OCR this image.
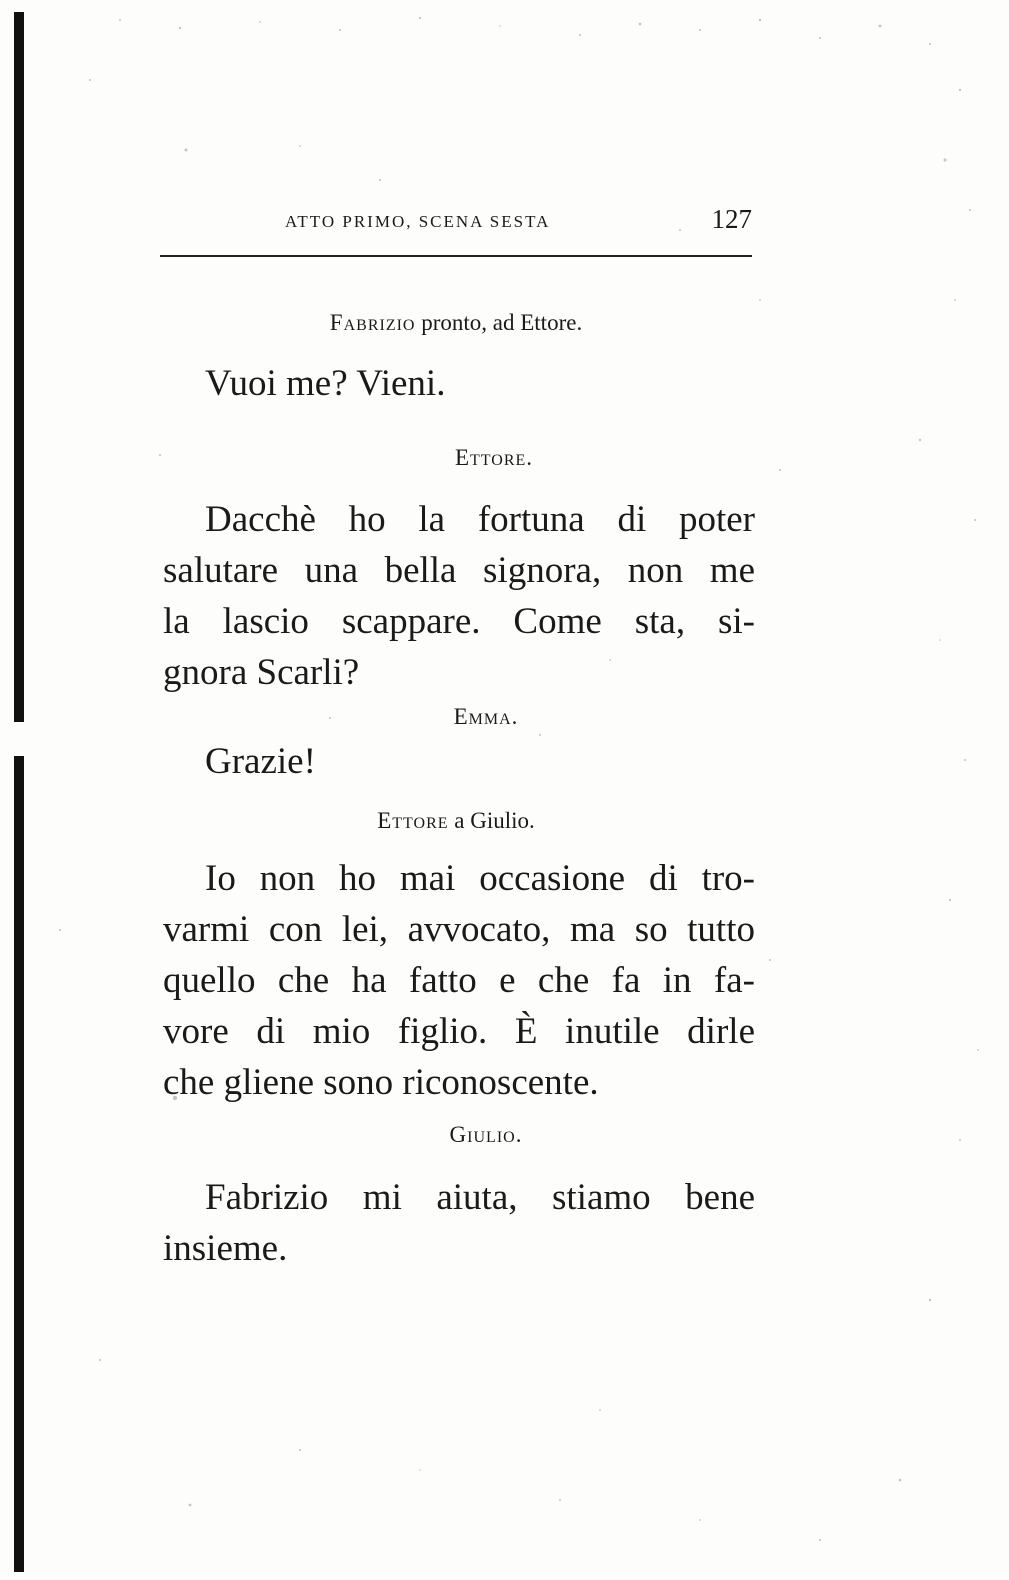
ATTO PRIMO, SCENA SESTA	127
Fabrizio pronto, ad Ettore.
Vuoi me? Vieni.
Ettore.
Dacchè ho la fortuna di poter
salutare una bella signora, non me
la lascio scappare. Come sta, si-
gnora Scarli?
Emma.
Grazie!
Ettore a Giulio.
Io non ho mai occasione di tro-
varmi con lei, avvocato, ma so tutto
quello che ha fatto e che fa in fa-
vore di mio figlio. È inutile dirle
che gliene sono riconoscente.
Giulio.
Fabrizio mi aiuta, stiamo bene
insieme.
